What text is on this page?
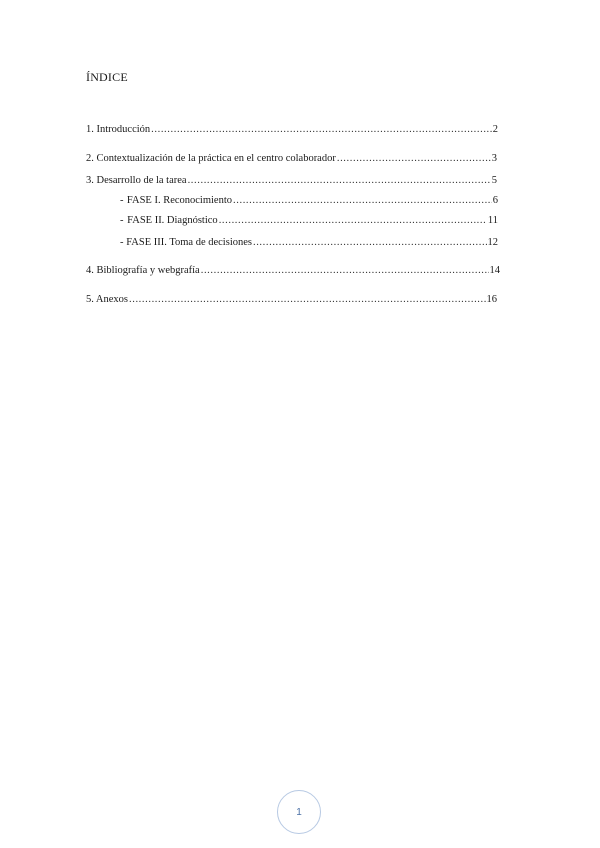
ÍNDICE
1. Introducción .....	2
2. Contextualización de la práctica en el centro colaborador .....	3
3. Desarrollo de la tarea .....	5
- FASE I. Reconocimiento .....	6
- FASE II. Diagnóstico .....	11
- FASE III. Toma de decisiones .....	12
4. Bibliografía y webgrafía .....	14
5. Anexos .....	16
1
